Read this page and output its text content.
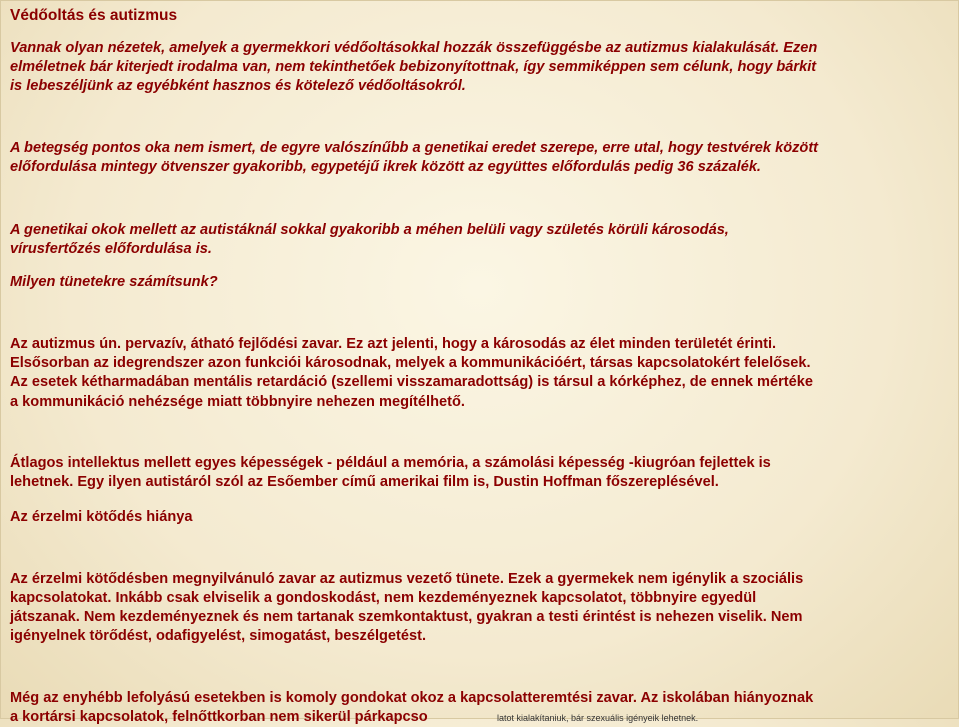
Védőoltás és autizmus

Vannak olyan nézetek, amelyek a gyermekkori védőoltásokkal hozzák összefüggésbe az autizmus kialakulását. Ezen

elméletnek bár kiterjedt irodalma van, nem tekinthetőek bebizonyítottnak, így semmiképpen sem célunk, hogy bárkit

is lebeszéljünk az egyébként hasznos és kötelező védőoltásokról.

A betegség pontos oka nem ismert, de egyre valószínűbb a genetikai eredet szerepe, erre utal, hogy testvérek között

előfordulása mintegy ötvenszer gyakoribb, egypetéjű ikrek között az együttes előfordulás pedig 36 százalék.

A genetikai okok mellett az autistáknál sokkal gyakoribb a méhen belüli vagy születés körüli károsodás,

vírusfertőzés előfordulása is.

Milyen tünetekre számítsunk?

Az autizmus ún. pervazív, átható fejlődési zavar. Ez azt jelenti, hogy a károsodás az élet minden területét érinti.

Elsősorban az idegrendszer azon funkciói károsodnak, melyek a kommunikációért, társas kapcsolatokért felelősek.

Az esetek kétharmadában mentális retardáció (szellemi visszamaradottság) is társul a kórképhez, de ennek mértéke

a kommunikáció nehézsége miatt többnyire nehezen megítélhető.

Átlagos intellektus mellett egyes képességek - például a memória, a számolási képesség -kiugróan fejlettek is

lehetnek. Egy ilyen autistáról szól az Esőember című amerikai film is, Dustin Hoffman főszereplésével.

Az érzelmi kötődés hiánya

Az érzelmi kötődésben megnyilvánuló zavar az autizmus vezető tünete. Ezek a gyermekek nem igénylik a szociális

kapcsolatokat. Inkább csak elviselik a gondoskodást, nem kezdeményeznek kapcsolatot, többnyire egyedül

játszanak. Nem kezdeményeznek és nem tartanak szemkontaktust, gyakran a testi érintést is nehezen viselik. Nem

igényelnek törődést, odafigyelést, simogatást, beszélgetést.

Még az enyhébb lefolyású esetekben is komoly gondokat okoz a kapcsolatteremtési zavar. Az iskolában hiányoznak

a kortársi kapcsolatok, felnőttkorban nem sikerül párkapcso	latot kialakítaniuk, bár szexuális igényeik lehetnek.
